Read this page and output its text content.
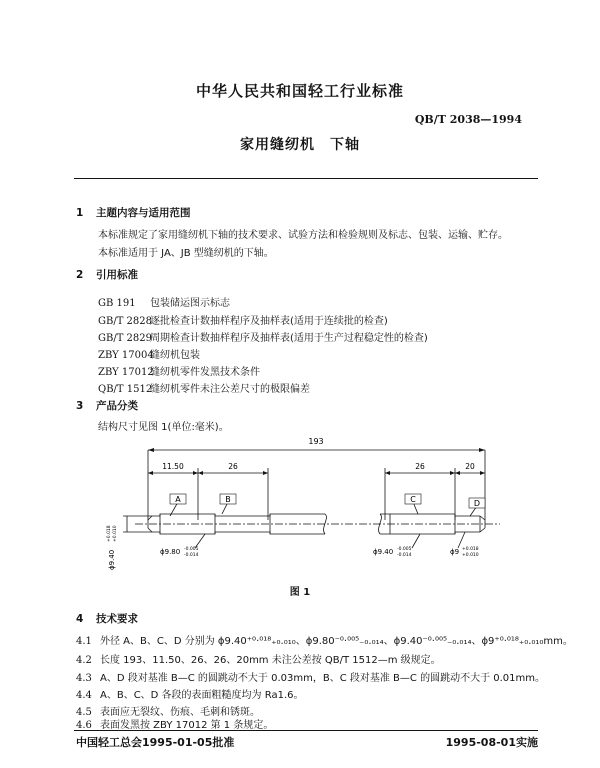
中华人民共和国轻工行业标准
QB/T 2038—1994
家用缝纫机　下轴
1 主题内容与适用范围
本标准规定了家用缝纫机下轴的技术要求、试验方法和检验规则及标志、包装、运输、贮存。
本标准适用于 JA、JB 型缝纫机的下轴。
2 引用标准
GB 191 包装储运图示标志
GB/T 2828逐批检查计数抽样程序及抽样表(适用于连续批的检查)
GB/T 2829周期检查计数抽样程序及抽样表(适用于生产过程稳定性的检查)
ZBY 17004缝纫机包装
ZBY 17012缝纫机零件发黑技术条件
QB/T 1512缝纫机零件未注公差尺寸的极限偏差
3 产品分类
结构尺寸见图 1(单位:毫米)。
193
11.50	26	26	20
A	B	C	D
ϕ9.40
+0.018 +0.010
ϕ9.80 -0.005
-0.014	ϕ9.40 -0.005
-0.014	ϕ9 +0.018
+0.010
图 1
4 技术要求
4.1 外径 A、B、C、D 分别为 ϕ9.40⁺⁰·⁰¹⁸₊₀.₀₁₀、ϕ9.80⁻⁰·⁰⁰⁵₋₀.₀₁₄、ϕ9.40⁻⁰·⁰⁰⁵₋₀.₀₁₄、ϕ9⁺⁰·⁰¹⁸₊₀.₀₁₀mm。
4.2 长度 193、11.50、26、26、20mm 未注公差按 QB/T 1512—m 级规定。
4.3 A、D 段对基准 B—C 的圆跳动不大于 0.03mm，B、C 段对基准 B—C 的圆跳动不大于 0.01mm。
4.4 A、B、C、D 各段的表面粗糙度均为 Ra1.6。
4.5 表面应无裂纹、伤痕、毛刺和锈斑。
4.6 表面发黑按 ZBY 17012 第 1 条规定。
中国轻工总会1995-01-05批准	1995-08-01实施
